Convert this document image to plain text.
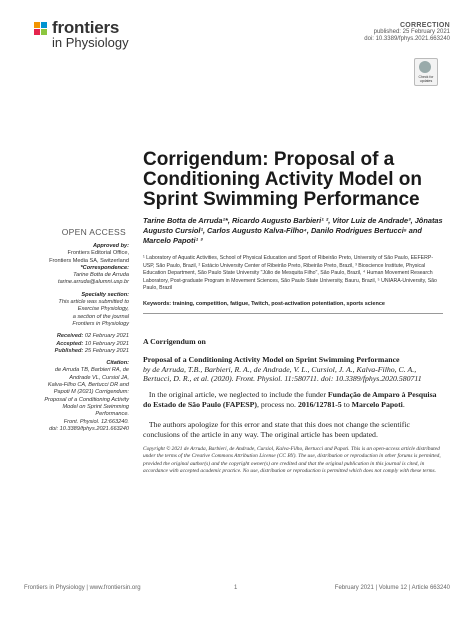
frontiers
in Physiology
CORRECTION
published: 25 February 2021
doi: 10.3389/fphys.2021.663240
Check for updates
Corrigendum: Proposal of a Conditioning Activity Model on Sprint Swimming Performance
Tarine Botta de Arruda¹*, Ricardo Augusto Barbieri¹ ², Vitor Luiz de Andrade³, Jônatas Augusto Cursiol¹, Carlos Augusto Kalva-Filho⁴, Danilo Rodrigues Bertucci⁵ and Marcelo Papoti¹ ³
¹ Laboratory of Aquatic Activities, School of Physical Education and Sport of Ribeirão Preto, University of São Paulo, EEFERP-USP, São Paulo, Brazil, ² Estácio University Center of Ribeirão Preto, Ribeirão Preto, Brazil, ³ Bioscience Institute, Physical Education Department, São Paulo State University "Júlio de Mesquita Filho", São Paulo, Brazil, ⁴ Human Movement Research Laboratory, Post-graduate Program in Movement Sciences, São Paulo State University, Bauru, Brazil, ⁵ UNIARA-University, São Paulo, Brazil
Keywords: training, competition, fatigue, Twitch, post-activation potentiation, sports science
OPEN ACCESS
Approved by:
Frontiers Editorial Office,
Frontiers Media SA, Switzerland
*Correspondence:
Tarine Botta de Arruda
tarine.arruda@alumni.usp.br
Specialty section:
This article was submitted to
Exercise Physiology,
a section of the journal
Frontiers in Physiology
Received: 02 February 2021
Accepted: 10 February 2021
Published: 25 February 2021
Citation:
de Arruda TB, Barbieri RA, de
Andrade VL, Cursiol JA,
Kalva-Filho CA, Bertucci DR and
Papoti M (2021) Corrigendum:
Proposal of a Conditioning Activity
Model on Sprint Swimming
Performance.
Front. Physiol. 12:663240.
doi: 10.3389/fphys.2021.663240
A Corrigendum on
Proposal of a Conditioning Activity Model on Sprint Swimming Performance
by de Arruda, T.B., Barbieri, R. A., de Andrade, V. L., Cursiol, J. A., Kalva-Filho, C. A., Bertucci, D. R., et al. (2020). Front. Physiol. 11:580711. doi: 10.3389/fphys.2020.580711
In the original article, we neglected to include the funder Fundação de Amparo à Pesquisa do Estado de São Paulo (FAPESP), process no. 2016/12781-5 to Marcelo Papoti.
The authors apologize for this error and state that this does not change the scientific conclusions of the article in any way. The original article has been updated.
Copyright © 2021 de Arruda, Barbieri, de Andrade, Cursiol, Kalva-Filho, Bertucci and Papoti. This is an open-access article distributed under the terms of the Creative Commons Attribution License (CC BY). The use, distribution or reproduction in other forums is permitted, provided the original author(s) and the copyright owner(s) are credited and that the original publication in this journal is cited, in accordance with accepted academic practice. No use, distribution or reproduction is permitted which does not comply with these terms.
Frontiers in Physiology | www.frontiersin.org	1	February 2021 | Volume 12 | Article 663240
